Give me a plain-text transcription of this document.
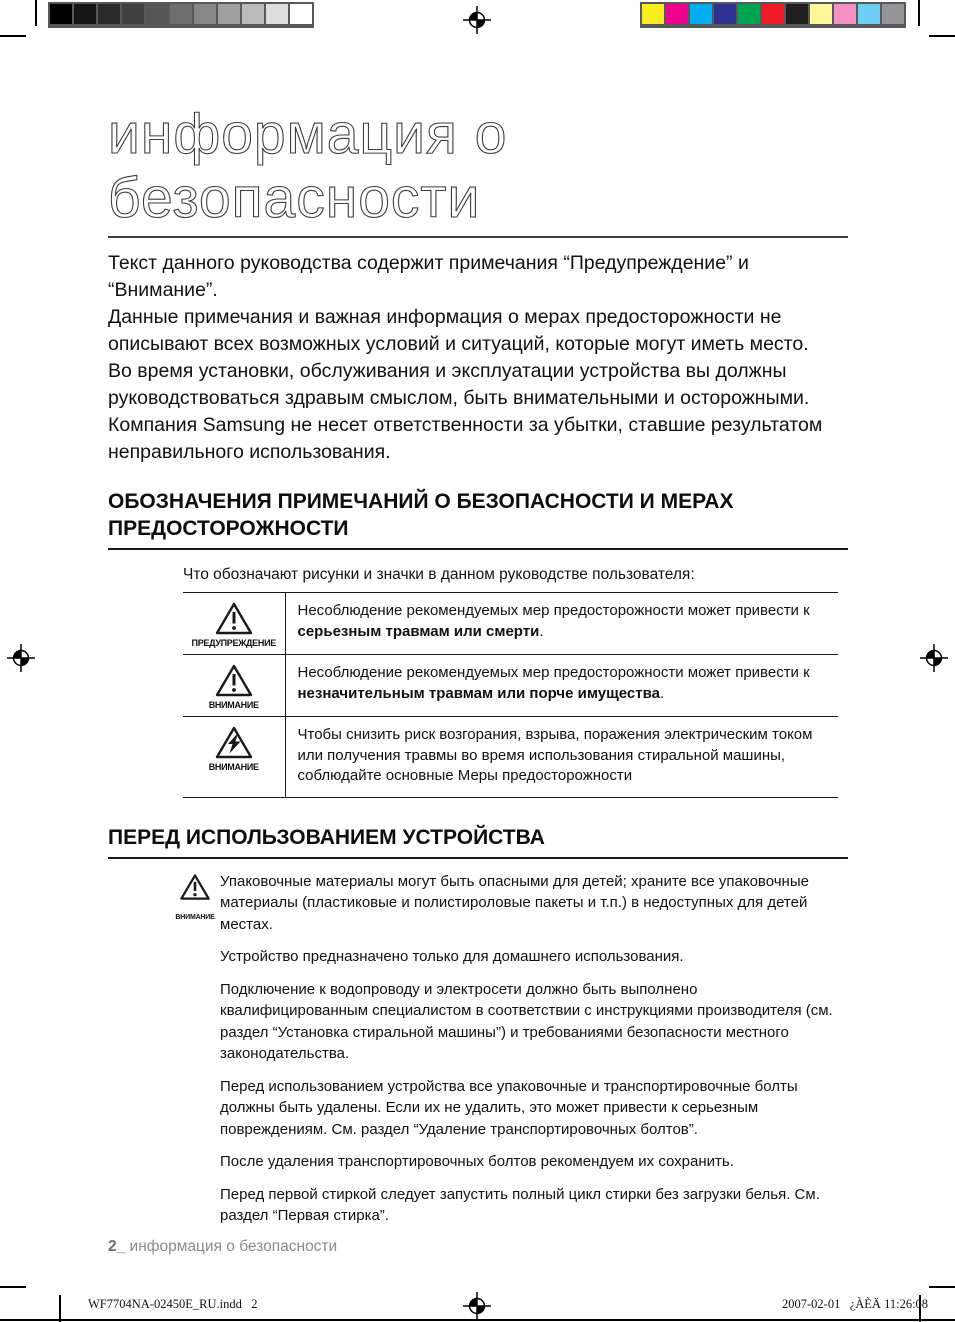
WF7704NA-02450E_RU.indd   2	2007-02-01   ¿ÀÈÄ 11:26:08
информация о
безопасности

Текст данного руководства содержит примечания “Предупреждение” и “Внимание”.

Данные примечания и важная информация о мерах предосторожности не описывают всех возможных условий и ситуаций, которые могут иметь место.

Во время установки, обслуживания и эксплуатации устройства вы должны руководствоваться здравым смыслом, быть внимательными и осторожными. Компания Samsung не несет ответственности за убытки, ставшие результатом неправильного использования.

ОБОЗНАЧЕНИЯ ПРИМЕЧАНИЙ О БЕЗОПАСНОСТИ И МЕРАХ ПРЕДОСТОРОЖНОСТИ

Что обозначают рисунки и значки в данном руководстве пользователя:

ПРЕДУПРЕЖДЕНИЕ	Несоблюдение рекомендуемых мер предосторожности может привести к серьезным травмам или смерти.

ВНИМАНИЕ	Несоблюдение рекомендуемых мер предосторожности может привести к незначительным травмам или порче имущества.

ВНИМАНИЕ	Чтобы снизить риск возгорания, взрыва, поражения электрическим током или получения травмы во время использования стиральной машины, соблюдайте основные Меры предосторожности
ПЕРЕД ИСПОЛЬЗОВАНИЕМ УСТРОЙСТВА
ВНИМАНИЕ
Упаковочные материалы могут быть опасными для детей; храните все упаковочные материалы (пластиковые и полистироловые пакеты и т.п.) в недоступных для детей местах.

Устройство предназначено только для домашнего использования.

Подключение к водопроводу и электросети должно быть выполнено квалифицированным специалистом в соответствии с инструкциями производителя (см. раздел “Установка стиральной машины”) и требованиями безопасности местного законодательства.

Перед использованием устройства все упаковочные и транспортировочные болты должны быть удалены. Если их не удалить, это может привести к серьезным повреждениям. См. раздел “Удаление транспортировочных болтов”.

После удаления транспортировочных болтов рекомендуем их сохранить.

Перед первой стиркой следует запустить полный цикл стирки без загрузки белья. См. раздел “Первая стирка”.

2_ информация о безопасности
